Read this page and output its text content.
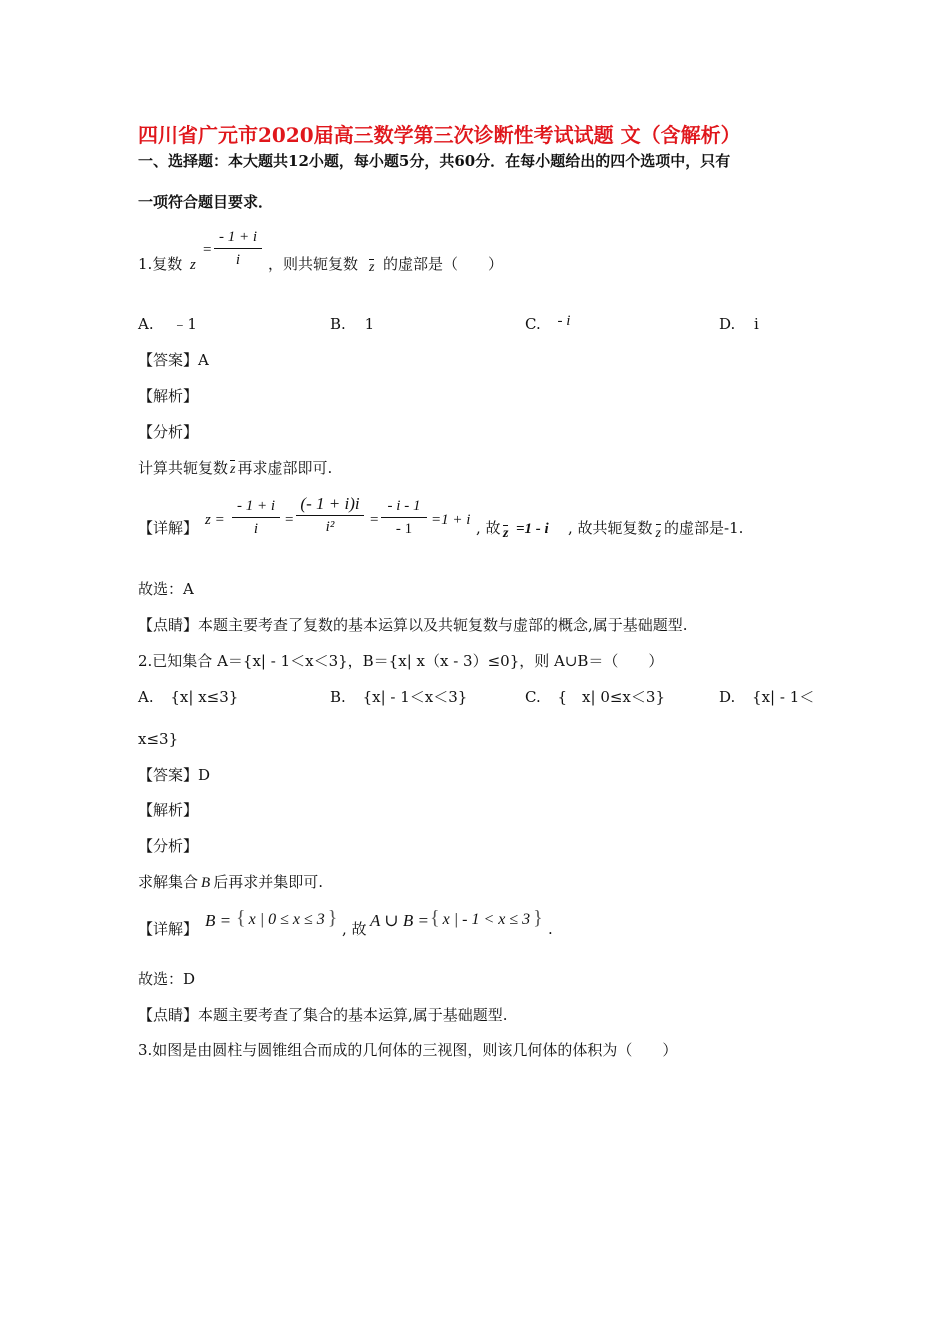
四川省广元市2020届高三数学第三次诊断性考试试题 文（含解析）
一、选择题：本大题共12小题，每小题5分，共60分．在每小题给出的四个选项中，只有
一项符合题目要求．
1.复数 z
=
- 1 + i
i	，则共轭复数 z 的虚部是（　　）
A. ﹣1	B. 1	C. - i	D. i
【答案】A
【解析】
【分析】
计算共轭复数 z 再求虚部即可.
【详解】 z =
- 1 + i
i
=
(- 1 + i)i
i²	=
- i - 1
- 1
=1 + i , 故 z =1 - i , 故共轭复数 z 的虚部是-1.
故选：A
【点睛】本题主要考查了复数的基本运算以及共轭复数与虚部的概念,属于基础题型.
2.已知集合 A＝{x| - 1＜x＜3}，B＝{x| x（x - 3）≤0}，则 A∪B＝（　　）
A. {x| x≤3}	B. {x| - 1＜x＜3}	C. {　x| 0≤x＜3}	D. {x| - 1＜
x≤3}
【答案】D
【解析】
【分析】
求解集合 B 后再求并集即可.
【详解】 B = { x | 0 ≤ x ≤ 3 } , 故 A ∪ B = { x | - 1 < x ≤ 3 } .
故选：D
【点睛】本题主要考查了集合的基本运算,属于基础题型.
3.如图是由圆柱与圆锥组合而成的几何体的三视图，则该几何体的体积为（　　）
